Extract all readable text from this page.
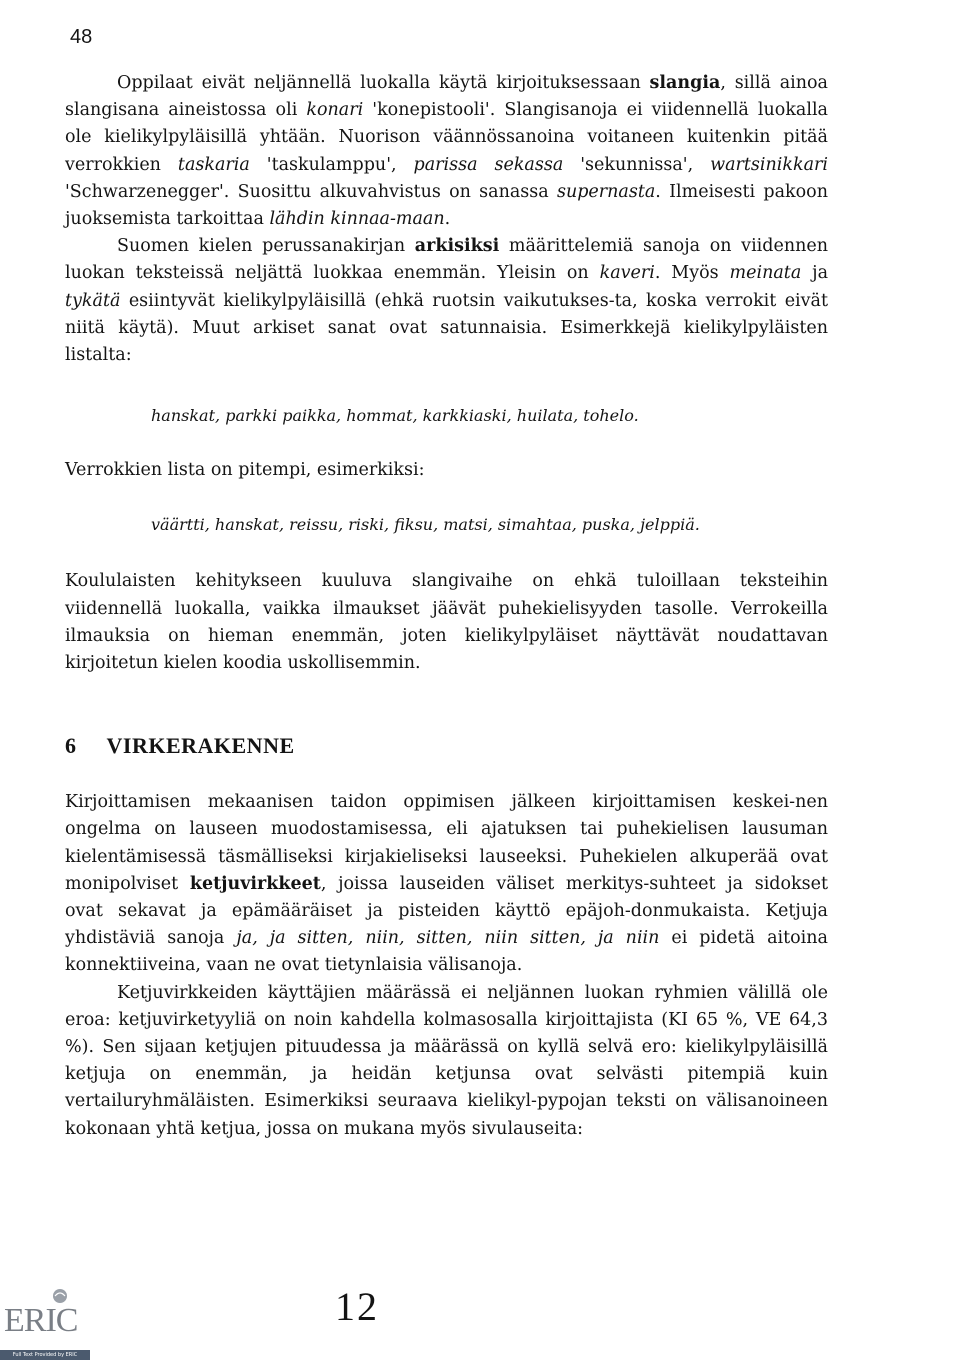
48

Oppilaat eivät neljännellä luokalla käytä kirjoituksessaan slangia, sillä ainoa slangisana aineistossa oli konari 'konepistooli'. Slangisanoja ei viidennellä luokalla ole kielikylpyläisillä yhtään. Nuorison väännössanoina voitaneen kuitenkin pitää verrokkien taskaria 'taskulamppu', parissa sekassa 'sekunnissa', wartsinikkari 'Schwarzenegger'. Suosittu alkuvahvistus on sanassa supernasta. Ilmeisesti pakoon juoksemista tarkoittaa lähdin kinnaa-maan.

Suomen kielen perussanakirjan arkisiksi määrittelemiä sanoja on viidennen luokan teksteissä neljättä luokkaa enemmän. Yleisin on kaveri. Myös meinata ja tykätä esiintyvät kielikylpyläisillä (ehkä ruotsin vaikutukses-ta, koska verrokit eivät niitä käytä). Muut arkiset sanat ovat satunnaisia. Esimerkkejä kielikylpyläisten listalta:

hanskat, parkki paikka, hommat, karkkiaski, huilata, tohelo.

Verrokkien lista on pitempi, esimerkiksi:

väärtti, hanskat, reissu, riski, fiksu, matsi, simahtaa, puska, jelppiä.

Koululaisten kehitykseen kuuluva slangivaihe on ehkä tuloillaan teksteihin viidennellä luokalla, vaikka ilmaukset jäävät puhekielisyyden tasolle. Verrokeilla ilmauksia on hieman enemmän, joten kielikylpyläiset näyttävät noudattavan kirjoitetun kielen koodia uskollisemmin.

6 VIRKERAKENNE

Kirjoittamisen mekaanisen taidon oppimisen jälkeen kirjoittamisen keskei-nen ongelma on lauseen muodostamisessa, eli ajatuksen tai puhekielisen lausuman kielentämisessä täsmälliseksi kirjakieliseksi lauseeksi. Puhekielen alkuperää ovat monipolviset ketjuvirkkeet, joissa lauseiden väliset merkitys-suhteet ja sidokset ovat sekavat ja epämääräiset ja pisteiden käyttö epäjoh-donmukaista. Ketjuja yhdistäviä sanoja ja, ja sitten, niin, sitten, niin sitten, ja niin ei pidetä aitoina konnektiiveina, vaan ne ovat tietynlaisia välisanoja.

Ketjuvirkkeiden käyttäjien määrässä ei neljännen luokan ryhmien välillä ole eroa: ketjuvirketyyliä on noin kahdella kolmasosalla kirjoittajista (KI 65 %, VE 64,3 %). Sen sijaan ketjujen pituudessa ja määrässä on kyllä selvä ero: kielikylpyläisillä ketjuja on enemmän, ja heidän ketjunsa ovat selvästi pitempiä kuin vertailuryhmäläisten. Esimerkiksi seuraava kielikyl-pypojan teksti on välisanoineen kokonaan yhtä ketjua, jossa on mukana myös sivulauseita:

12
ERIC
Full Text Provided by ERIC
